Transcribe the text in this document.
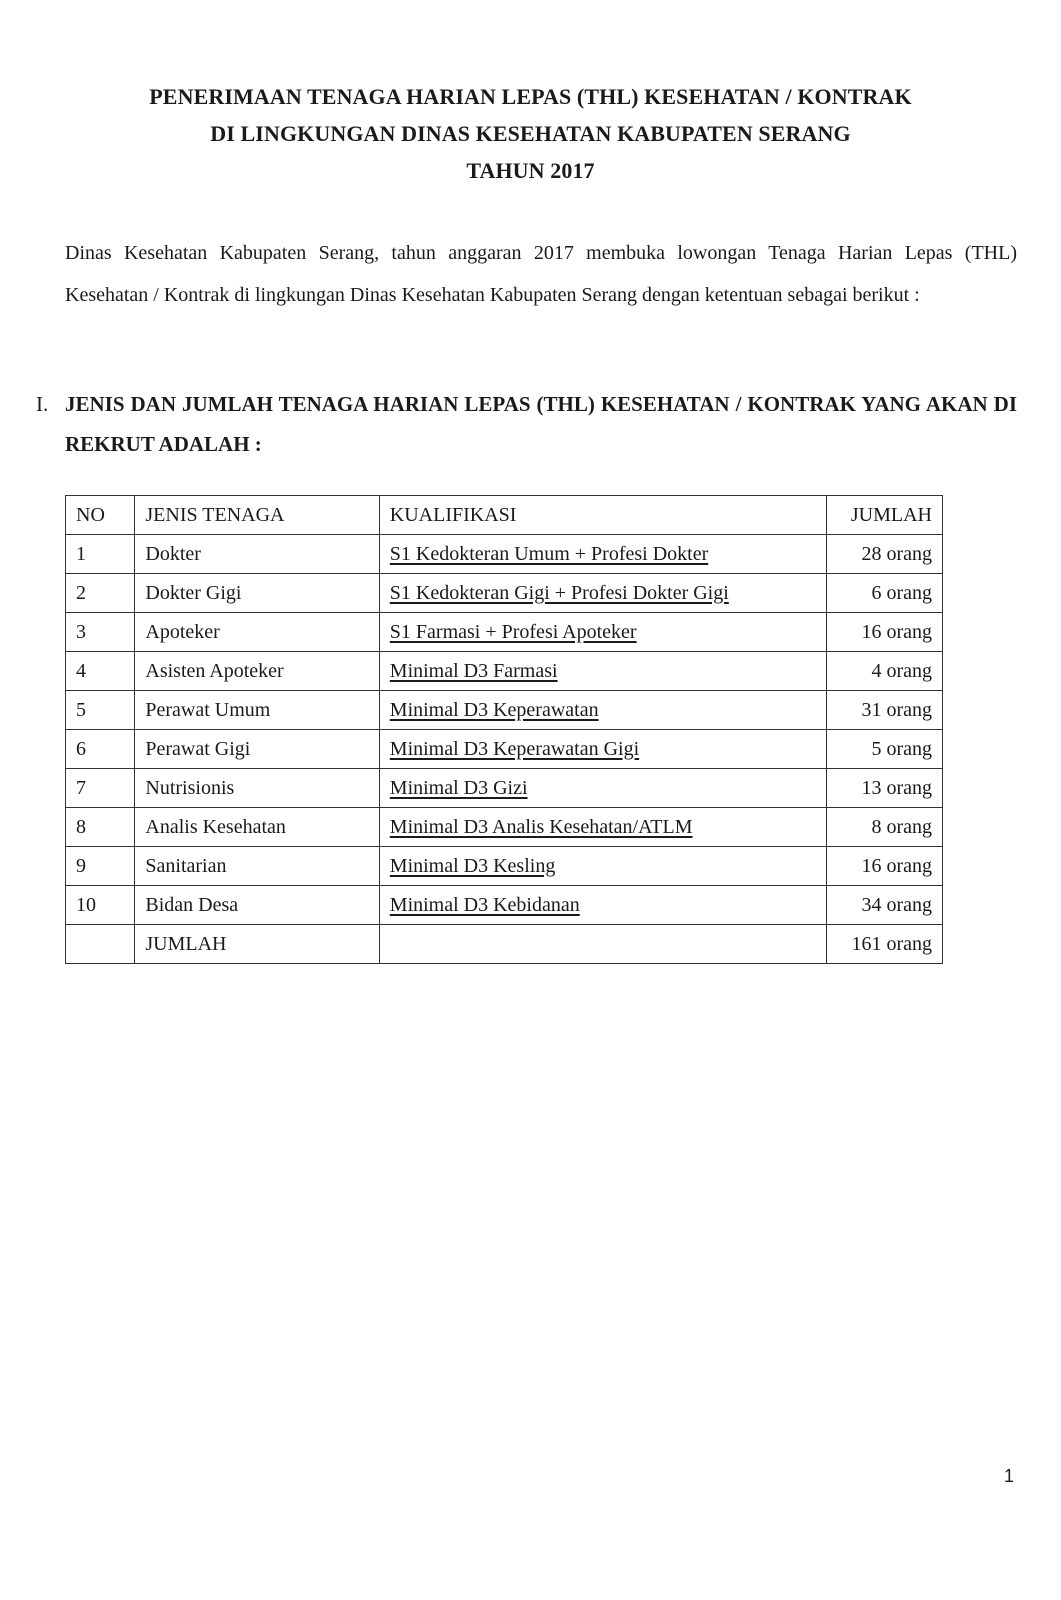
PENERIMAAN TENAGA HARIAN LEPAS (THL) KESEHATAN / KONTRAK
DI LINGKUNGAN DINAS KESEHATAN KABUPATEN SERANG
TAHUN 2017
Dinas Kesehatan Kabupaten Serang, tahun anggaran 2017 membuka lowongan Tenaga Harian Lepas (THL) Kesehatan / Kontrak di lingkungan Dinas Kesehatan Kabupaten Serang dengan ketentuan sebagai berikut :
I. JENIS DAN JUMLAH TENAGA HARIAN LEPAS (THL) KESEHATAN / KONTRAK YANG AKAN DI REKRUT ADALAH :
NO	JENIS TENAGA	KUALIFIKASI	JUMLAH
1	Dokter	S1 Kedokteran Umum + Profesi Dokter	28 orang
2	Dokter Gigi	S1 Kedokteran Gigi + Profesi Dokter Gigi	6 orang
3	Apoteker	S1 Farmasi + Profesi Apoteker	16 orang
4	Asisten Apoteker	Minimal D3 Farmasi	4 orang
5	Perawat Umum	Minimal D3 Keperawatan	31 orang
6	Perawat Gigi	Minimal D3 Keperawatan Gigi	5 orang
7	Nutrisionis	Minimal D3 Gizi	13 orang
8	Analis Kesehatan	Minimal D3 Analis Kesehatan/ATLM	8 orang
9	Sanitarian	Minimal D3 Kesling	16 orang
10	Bidan Desa	Minimal D3 Kebidanan	34 orang
	JUMLAH		161 orang
1
